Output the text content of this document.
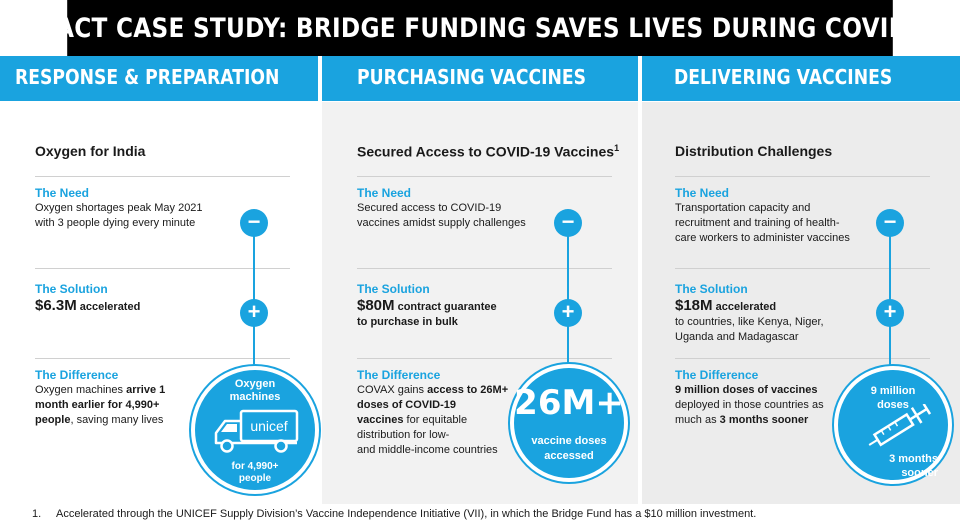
IMPACT CASE STUDY: BRIDGE FUNDING SAVES LIVES DURING COVID-19
RESPONSE & PREPARATION
Oxygen for India
The Need
Oxygen shortages peak May 2021
with 3 people dying every minute
The Solution
$6.3M accelerated
The Difference
Oxygen machines arrive 1
month earlier for 4,990+
people, saving many lives
−
+
Oxygen
machines
unicef
for 4,990+
people
PURCHASING VACCINES
Secured Access to COVID-19 Vaccines$^1$
The Need
Secured access to COVID-19
vaccines amidst supply challenges
The Solution
$80M contract guarantee
to purchase in bulk
The Difference
COVAX gains access to 26M+
doses of COVID-19
vaccines for equitable
distribution for low-
and middle-income countries
−
+
26M+
vaccine doses
accessed
DELIVERING VACCINES
Distribution Challenges
The Need
Transportation capacity and
recruitment and training of health-
care workers to administer vaccines
The Solution
$18M accelerated
to countries, like Kenya, Niger,
Uganda and Madagascar
The Difference
9 million doses of vaccines
deployed in those countries as
much as 3 months sooner
−
+
9 million
doses
3 months
sooner
1. Accelerated through the UNICEF Supply Division’s Vaccine Independence Initiative (VII), in which the Bridge Fund has a $10 million investment.
